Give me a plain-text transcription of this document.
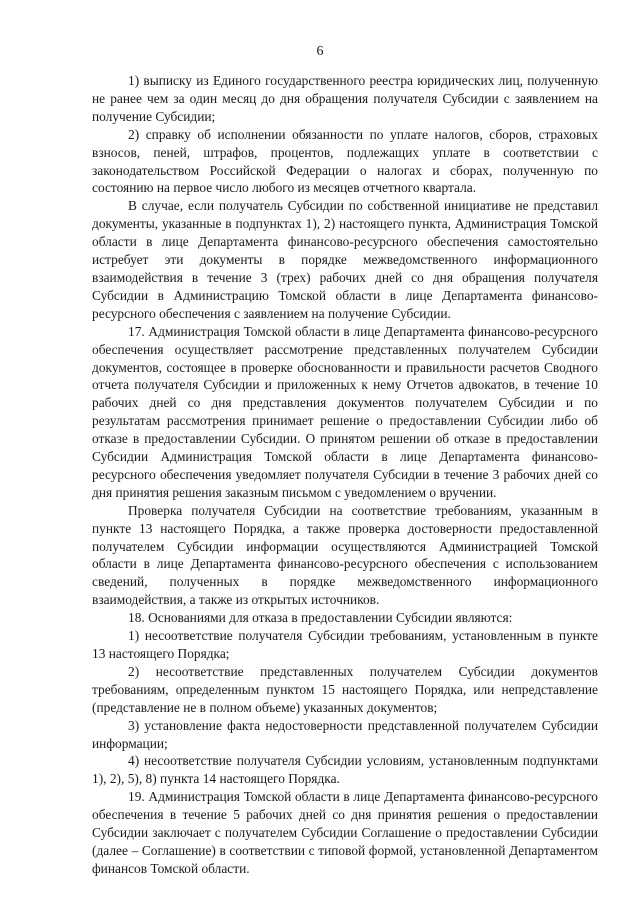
6

1) выписку из Единого государственного реестра юридических лиц, полученную не ранее чем за один месяц до дня обращения получателя Субсидии с заявлением на получение Субсидии;

2) справку об исполнении обязанности по уплате налогов, сборов, страховых взносов, пеней, штрафов, процентов, подлежащих уплате в соответствии с законодательством Российской Федерации о налогах и сборах, полученную по состоянию на первое число любого из месяцев отчетного квартала.

В случае, если получатель Субсидии по собственной инициативе не представил документы, указанные в подпунктах 1), 2) настоящего пункта, Администрация Томской области в лице Департамента финансово-ресурсного обеспечения самостоятельно истребует эти документы в порядке межведомственного информационного взаимодействия в течение 3 (трех) рабочих дней со дня обращения получателя Субсидии в Администрацию Томской области в лице Департамента финансово-ресурсного обеспечения с заявлением на получение Субсидии.

17. Администрация Томской области в лице Департамента финансово-ресурсного обеспечения осуществляет рассмотрение представленных получателем Субсидии документов, состоящее в проверке обоснованности и правильности расчетов Сводного отчета получателя Субсидии и приложенных к нему Отчетов адвокатов, в течение 10 рабочих дней со дня представления документов получателем Субсидии и по результатам рассмотрения принимает решение о предоставлении Субсидии либо об отказе в предоставлении Субсидии. О принятом решении об отказе в предоставлении Субсидии Администрация Томской области в лице Департамента финансово-ресурсного обеспечения уведомляет получателя Субсидии в течение 3 рабочих дней со дня принятия решения заказным письмом с уведомлением о вручении.

Проверка получателя Субсидии на соответствие требованиям, указанным в пункте 13 настоящего Порядка, а также проверка достоверности предоставленной получателем Субсидии информации осуществляются Администрацией Томской области в лице Департамента финансово-ресурсного обеспечения с использованием сведений, полученных в порядке межведомственного информационного взаимодействия, а также из открытых источников.

18. Основаниями для отказа в предоставлении Субсидии являются:

1) несоответствие получателя Субсидии требованиям, установленным в пункте 13 настоящего Порядка;

2) несоответствие представленных получателем Субсидии документов требованиям, определенным пунктом 15 настоящего Порядка, или непредставление (представление не в полном объеме) указанных документов;

3) установление факта недостоверности представленной получателем Субсидии информации;

4) несоответствие получателя Субсидии условиям, установленным подпунктами 1), 2), 5), 8) пункта 14 настоящего Порядка.

19. Администрация Томской области в лице Департамента финансово-ресурсного обеспечения в течение 5 рабочих дней со дня принятия решения о предоставлении Субсидии заключает с получателем Субсидии Соглашение о предоставлении Субсидии (далее – Соглашение) в соответствии с типовой формой, установленной Департаментом финансов Томской области.
